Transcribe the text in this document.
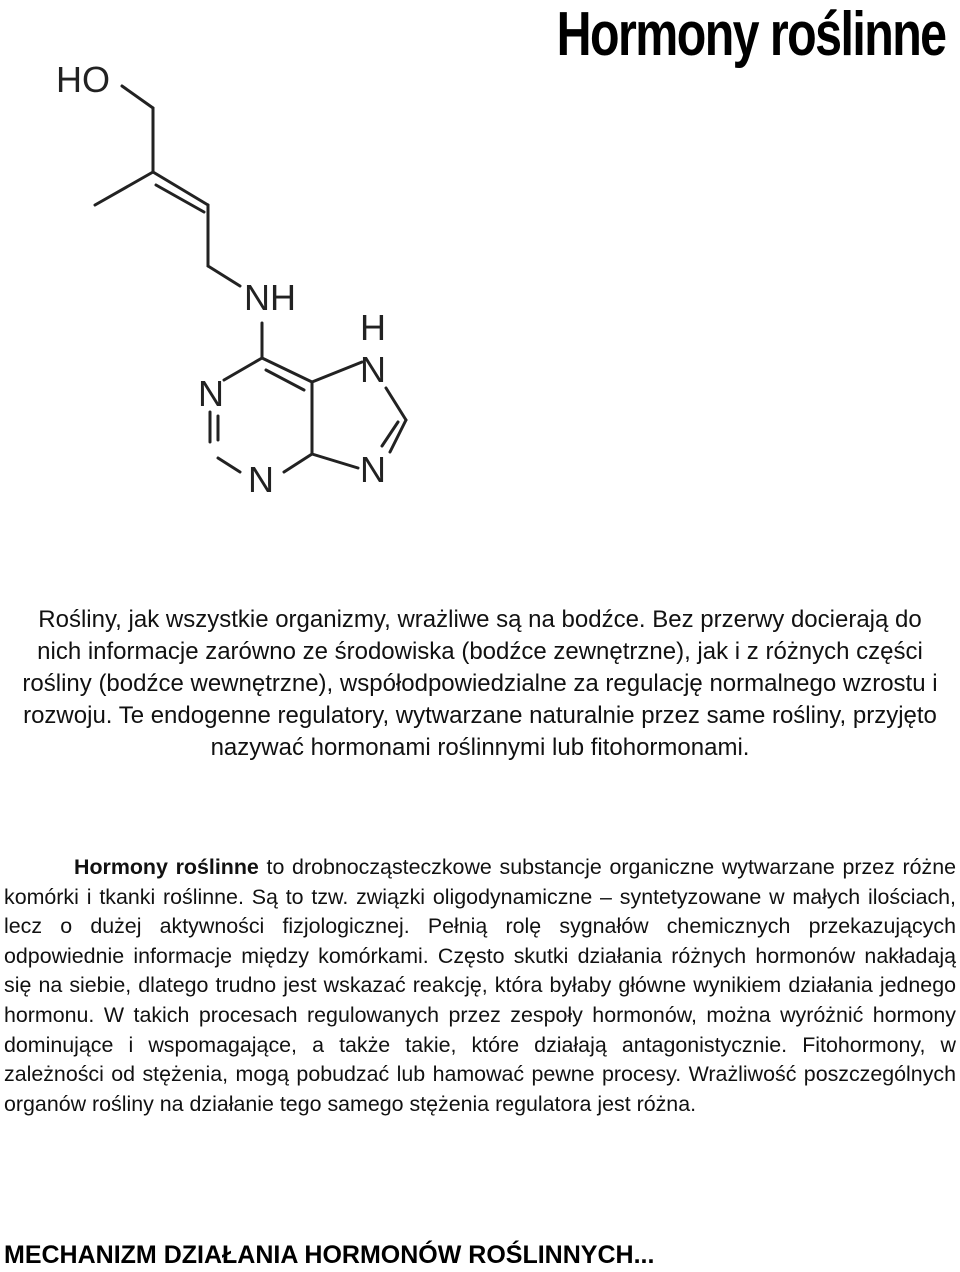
Hormony roślinne
HO
NH
H
N
N
N
N

Rośliny, jak wszystkie organizmy, wrażliwe są na bodźce. Bez przerwy docierają do nich informacje zarówno ze środowiska (bodźce zewnętrzne), jak i z różnych części rośliny (bodźce wewnętrzne), współodpowiedzialne za regulację normalnego wzrostu i rozwoju. Te endogenne regulatory, wytwarzane naturalnie przez same rośliny, przyjęto nazywać hormonami roślinnymi lub fitohormonami.

Hormony roślinne to drobnocząsteczkowe substancje organiczne wytwarzane przez różne komórki i tkanki roślinne. Są to tzw. związki oligodynamiczne – syntetyzowane w małych ilościach, lecz o dużej aktywności fizjologicznej. Pełnią rolę sygnałów chemicznych przekazujących odpowiednie informacje między komórkami. Często skutki działania różnych hormonów nakładają się na siebie, dlatego trudno jest wskazać reakcję, która byłaby główne wynikiem działania jednego hormonu. W takich procesach regulowanych przez zespoły hormonów, można wyróżnić hormony dominujące i wspomagające, a także takie, które działają antagonistycznie. Fitohormony, w zależności od stężenia, mogą pobudzać lub hamować pewne procesy. Wrażliwość poszczególnych organów rośliny na działanie tego samego stężenia regulatora jest różna.

MECHANIZM DZIAŁANIA HORMONÓW ROŚLINNYCH...
